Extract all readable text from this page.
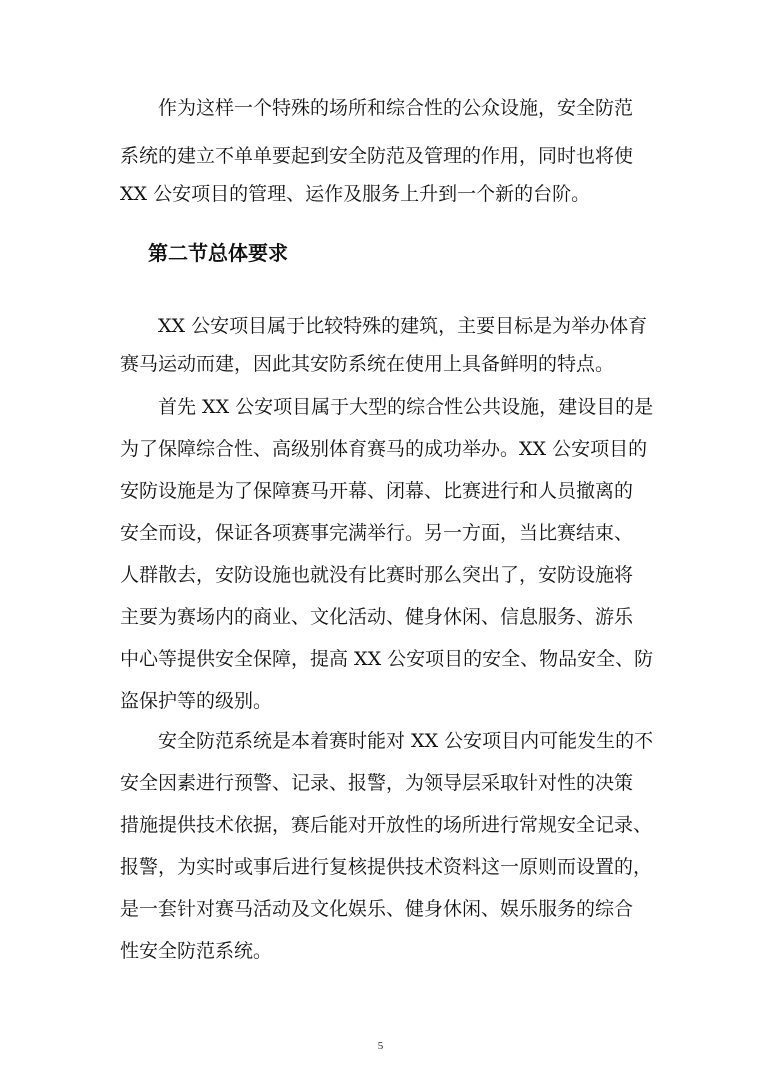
作为这样一个特殊的场所和综合性的公众设施，安全防范
系统的建立不单单要起到安全防范及管理的作用，同时也将使
XX 公安项目的管理、运作及服务上升到一个新的台阶。
第二节总体要求
XX 公安项目属于比较特殊的建筑，主要目标是为举办体育
赛马运动而建，因此其安防系统在使用上具备鲜明的特点。
首先 XX 公安项目属于大型的综合性公共设施，建设目的是
为了保障综合性、高级别体育赛马的成功举办。XX 公安项目的
安防设施是为了保障赛马开幕、闭幕、比赛进行和人员撤离的
安全而设，保证各项赛事完满举行。另一方面，当比赛结束、
人群散去，安防设施也就没有比赛时那么突出了，安防设施将
主要为赛场内的商业、文化活动、健身休闲、信息服务、游乐
中心等提供安全保障，提高 XX 公安项目的安全、物品安全、防
盗保护等的级别。
安全防范系统是本着赛时能对 XX 公安项目内可能发生的不
安全因素进行预警、记录、报警，为领导层采取针对性的决策
措施提供技术依据，赛后能对开放性的场所进行常规安全记录、
报警，为实时或事后进行复核提供技术资料这一原则而设置的，
是一套针对赛马活动及文化娱乐、健身休闲、娱乐服务的综合
性安全防范系统。
5
